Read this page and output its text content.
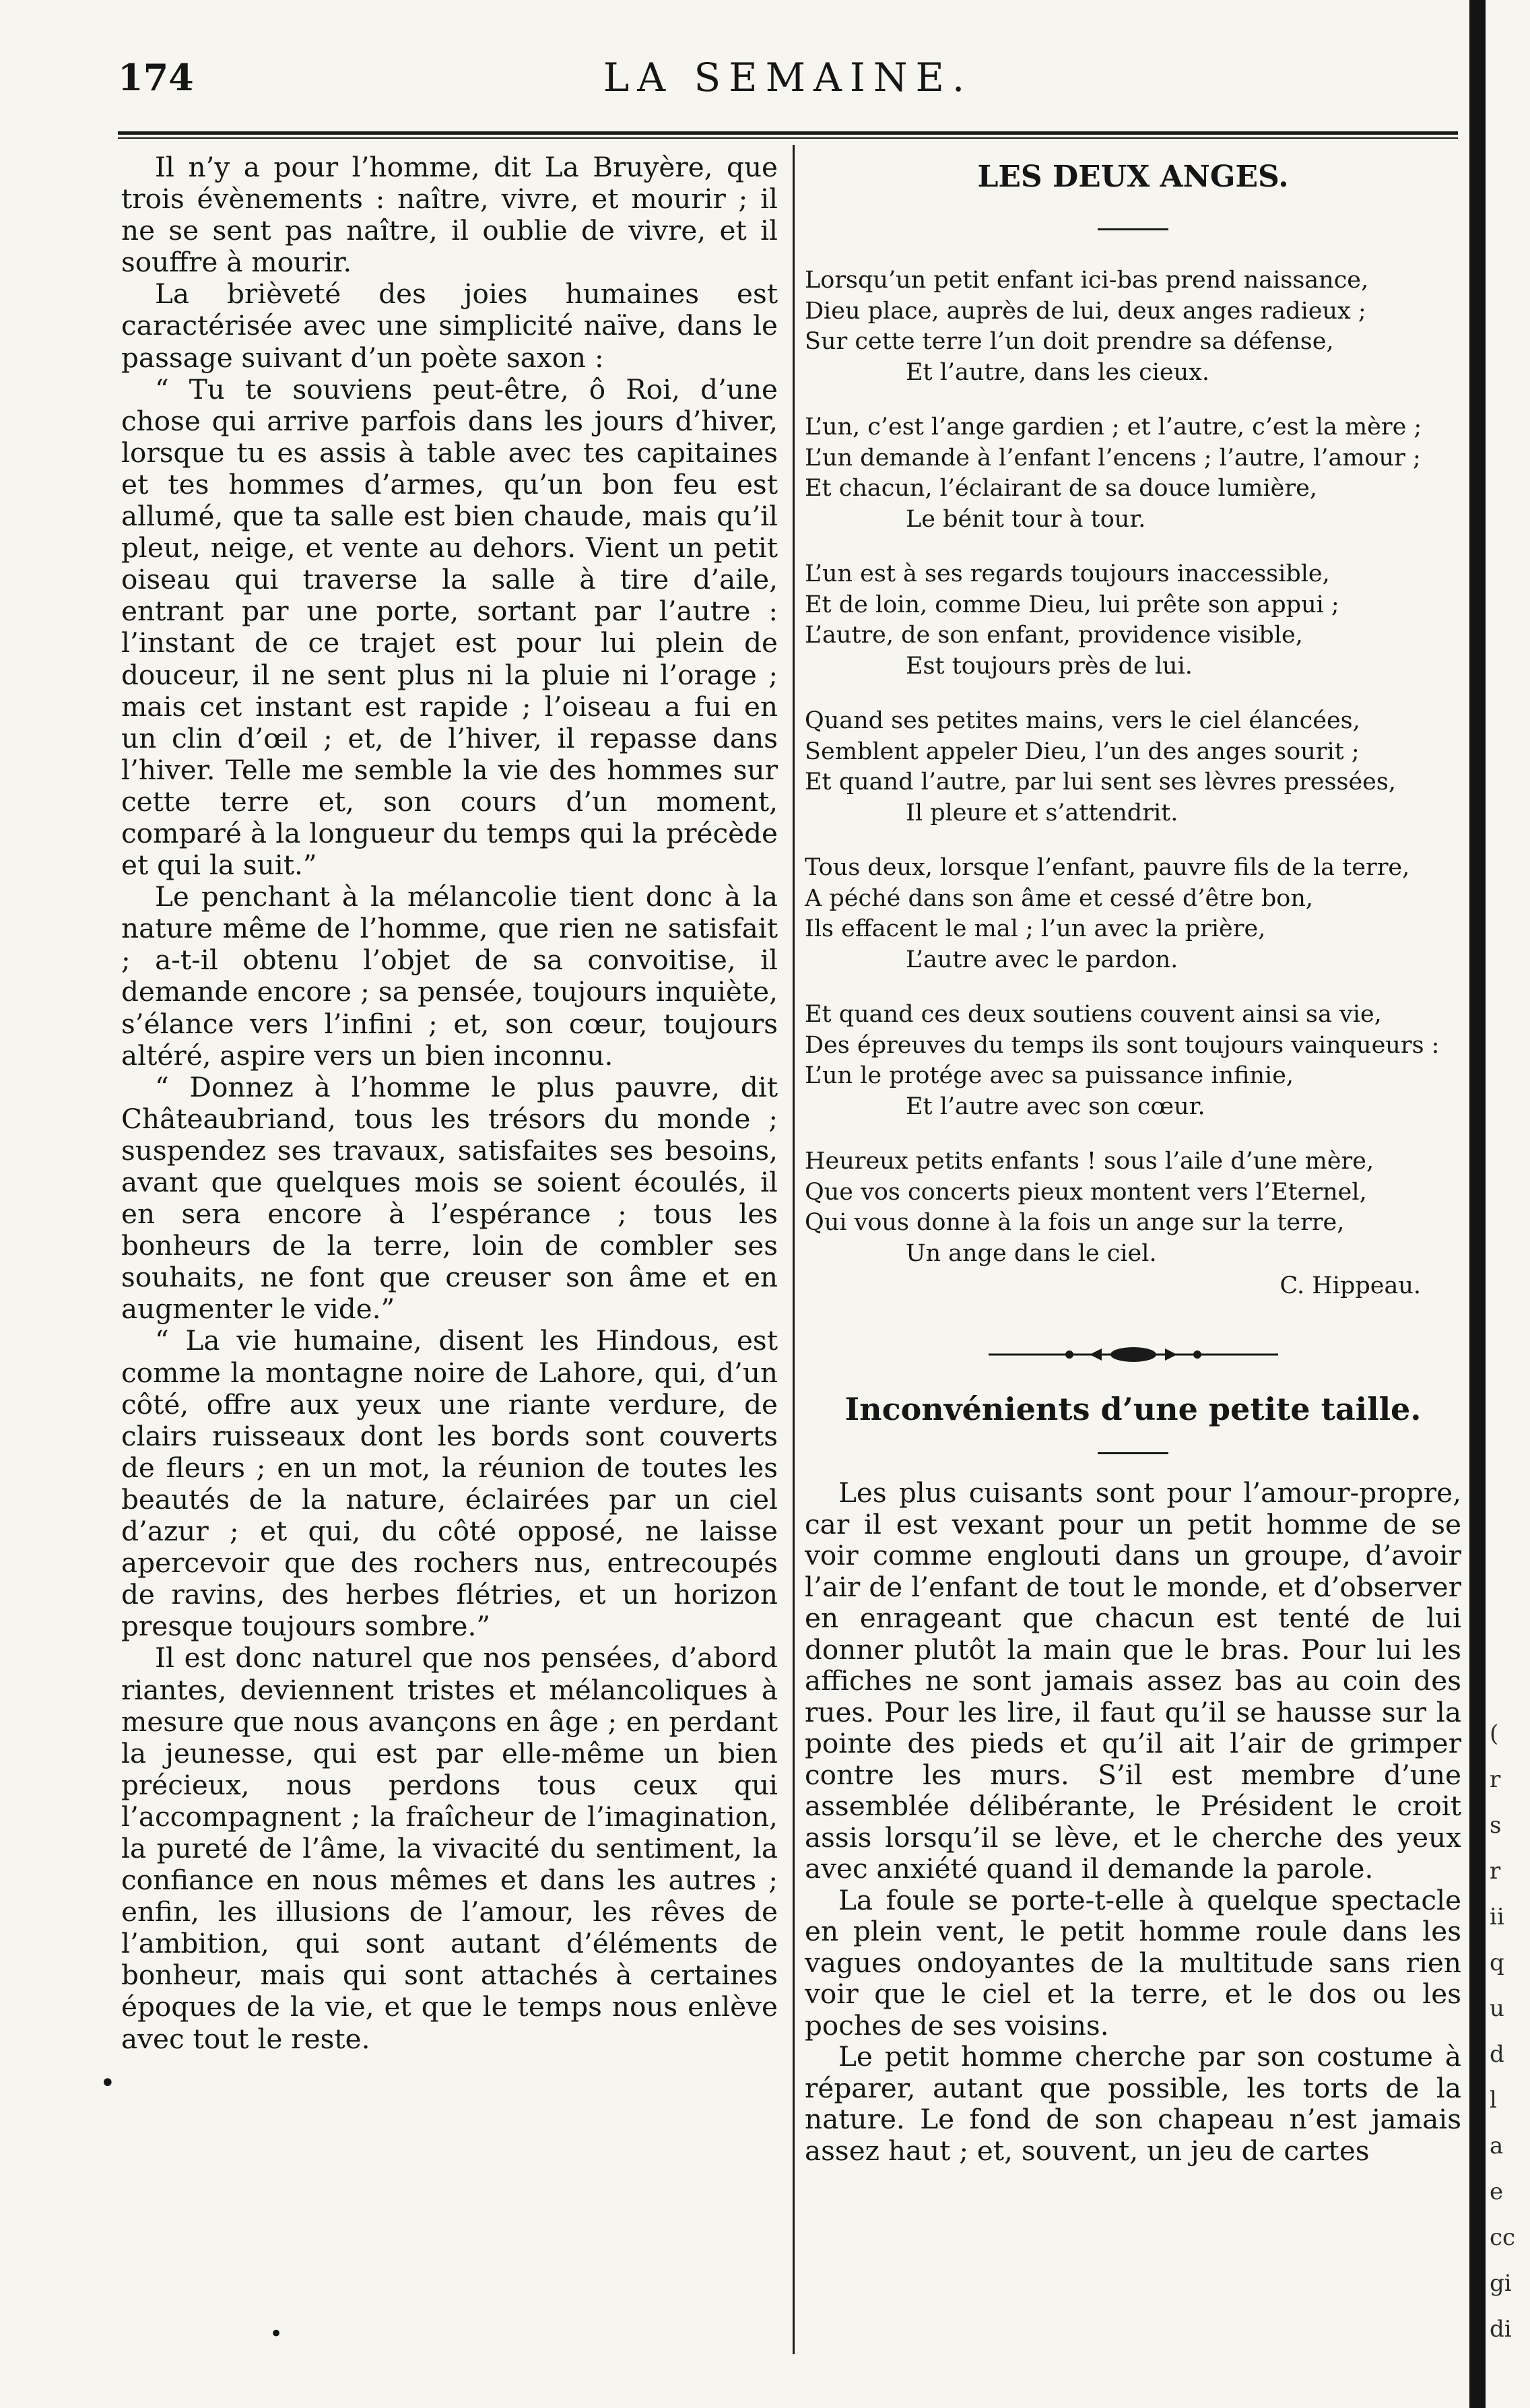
174	LA SEMAINE.

Il n’y a pour l’homme, dit La Bruyère, que trois évènements : naître, vivre, et mourir ; il ne se sent pas naître, il oublie de vivre, et il souffre à mourir.

La brièveté des joies humaines est caractérisée avec une simplicité naïve, dans le passage suivant d’un poète saxon :

“ Tu te souviens peut-être, ô Roi, d’une chose qui arrive parfois dans les jours d’hiver, lorsque tu es assis à table avec tes capitaines et tes hommes d’armes, qu’un bon feu est allumé, que ta salle est bien chaude, mais qu’il pleut, neige, et vente au dehors. Vient un petit oiseau qui traverse la salle à tire d’aile, entrant par une porte, sortant par l’autre : l’instant de ce trajet est pour lui plein de douceur, il ne sent plus ni la pluie ni l’orage ; mais cet instant est rapide ; l’oiseau a fui en un clin d’œil ; et, de l’hiver, il repasse dans l’hiver. Telle me semble la vie des hommes sur cette terre et, son cours d’un moment, comparé à la longueur du temps qui la précède et qui la suit.”

Le penchant à la mélancolie tient donc à la nature même de l’homme, que rien ne satisfait ; a-t-il obtenu l’objet de sa convoitise, il demande encore ; sa pensée, toujours inquiète, s’élance vers l’infini ; et, son cœur, toujours altéré, aspire vers un bien inconnu.

“ Donnez à l’homme le plus pauvre, dit Châteaubriand, tous les trésors du monde ; suspendez ses travaux, satisfaites ses besoins, avant que quelques mois se soient écoulés, il en sera encore à l’espérance ; tous les bonheurs de la terre, loin de combler ses souhaits, ne font que creuser son âme et en augmenter le vide.”

“ La vie humaine, disent les Hindous, est comme la montagne noire de Lahore, qui, d’un côté, offre aux yeux une riante verdure, de clairs ruisseaux dont les bords sont couverts de fleurs ; en un mot, la réunion de toutes les beautés de la nature, éclairées par un ciel d’azur ; et qui, du côté opposé, ne laisse apercevoir que des rochers nus, entrecoupés de ravins, des herbes flétries, et un horizon presque toujours sombre.”

Il est donc naturel que nos pensées, d’abord riantes, deviennent tristes et mélancoliques à mesure que nous avançons en âge ; en perdant la jeunesse, qui est par elle-même un bien précieux, nous perdons tous ceux qui l’accompagnent ; la fraîcheur de l’imagination, la pureté de l’âme, la vivacité du sentiment, la confiance en nous mêmes et dans les autres ; enfin, les illusions de l’amour, les rêves de l’ambition, qui sont autant d’éléments de bonheur, mais qui sont attachés à certaines époques de la vie, et que le temps nous enlève avec tout le reste.

•
•
LES DEUX ANGES.
Lorsqu’un petit enfant ici-bas prend naissance,
Dieu place, auprès de lui, deux anges radieux ;
Sur cette terre l’un doit prendre sa défense,
Et l’autre, dans les cieux.
L’un, c’est l’ange gardien ; et l’autre, c’est la mère ;
L’un demande à l’enfant l’encens ; l’autre, l’amour ;
Et chacun, l’éclairant de sa douce lumière,
Le bénit tour à tour.
L’un est à ses regards toujours inaccessible,
Et de loin, comme Dieu, lui prête son appui ;
L’autre, de son enfant, providence visible,
Est toujours près de lui.
Quand ses petites mains, vers le ciel élancées,
Semblent appeler Dieu, l’un des anges sourit ;
Et quand l’autre, par lui sent ses lèvres pressées,
Il pleure et s’attendrit.
Tous deux, lorsque l’enfant, pauvre fils de la terre,
A péché dans son âme et cessé d’être bon,
Ils effacent le mal ; l’un avec la prière,
L’autre avec le pardon.
Et quand ces deux soutiens couvent ainsi sa vie,
Des épreuves du temps ils sont toujours vainqueurs :
L’un le protége avec sa puissance infinie,
Et l’autre avec son cœur.
Heureux petits enfants ! sous l’aile d’une mère,
Que vos concerts pieux montent vers l’Eternel,
Qui vous donne à la fois un ange sur la terre,
Un ange dans le ciel.
C. Hippeau.
Inconvénients d’une petite taille.

Les plus cuisants sont pour l’amour-propre, car il est vexant pour un petit homme de se voir comme englouti dans un groupe, d’avoir l’air de l’enfant de tout le monde, et d’observer en enrageant que chacun est tenté de lui donner plutôt la main que le bras. Pour lui les affiches ne sont jamais assez bas au coin des rues. Pour les lire, il faut qu’il se hausse sur la pointe des pieds et qu’il ait l’air de grimper contre les murs. S’il est membre d’une assemblée délibérante, le Président le croit assis lorsqu’il se lève, et le cherche des yeux avec anxiété quand il demande la parole.

La foule se porte-t-elle à quelque spectacle en plein vent, le petit homme roule dans les vagues ondoyantes de la multitude sans rien voir que le ciel et la terre, et le dos ou les poches de ses voisins.

Le petit homme cherche par son costume à réparer, autant que possible, les torts de la nature. Le fond de son chapeau n’est jamais assez haut ; et, souvent, un jeu de cartes

(
r
s
r
ii
q
u
d
l
a
e
cc
gi
di
